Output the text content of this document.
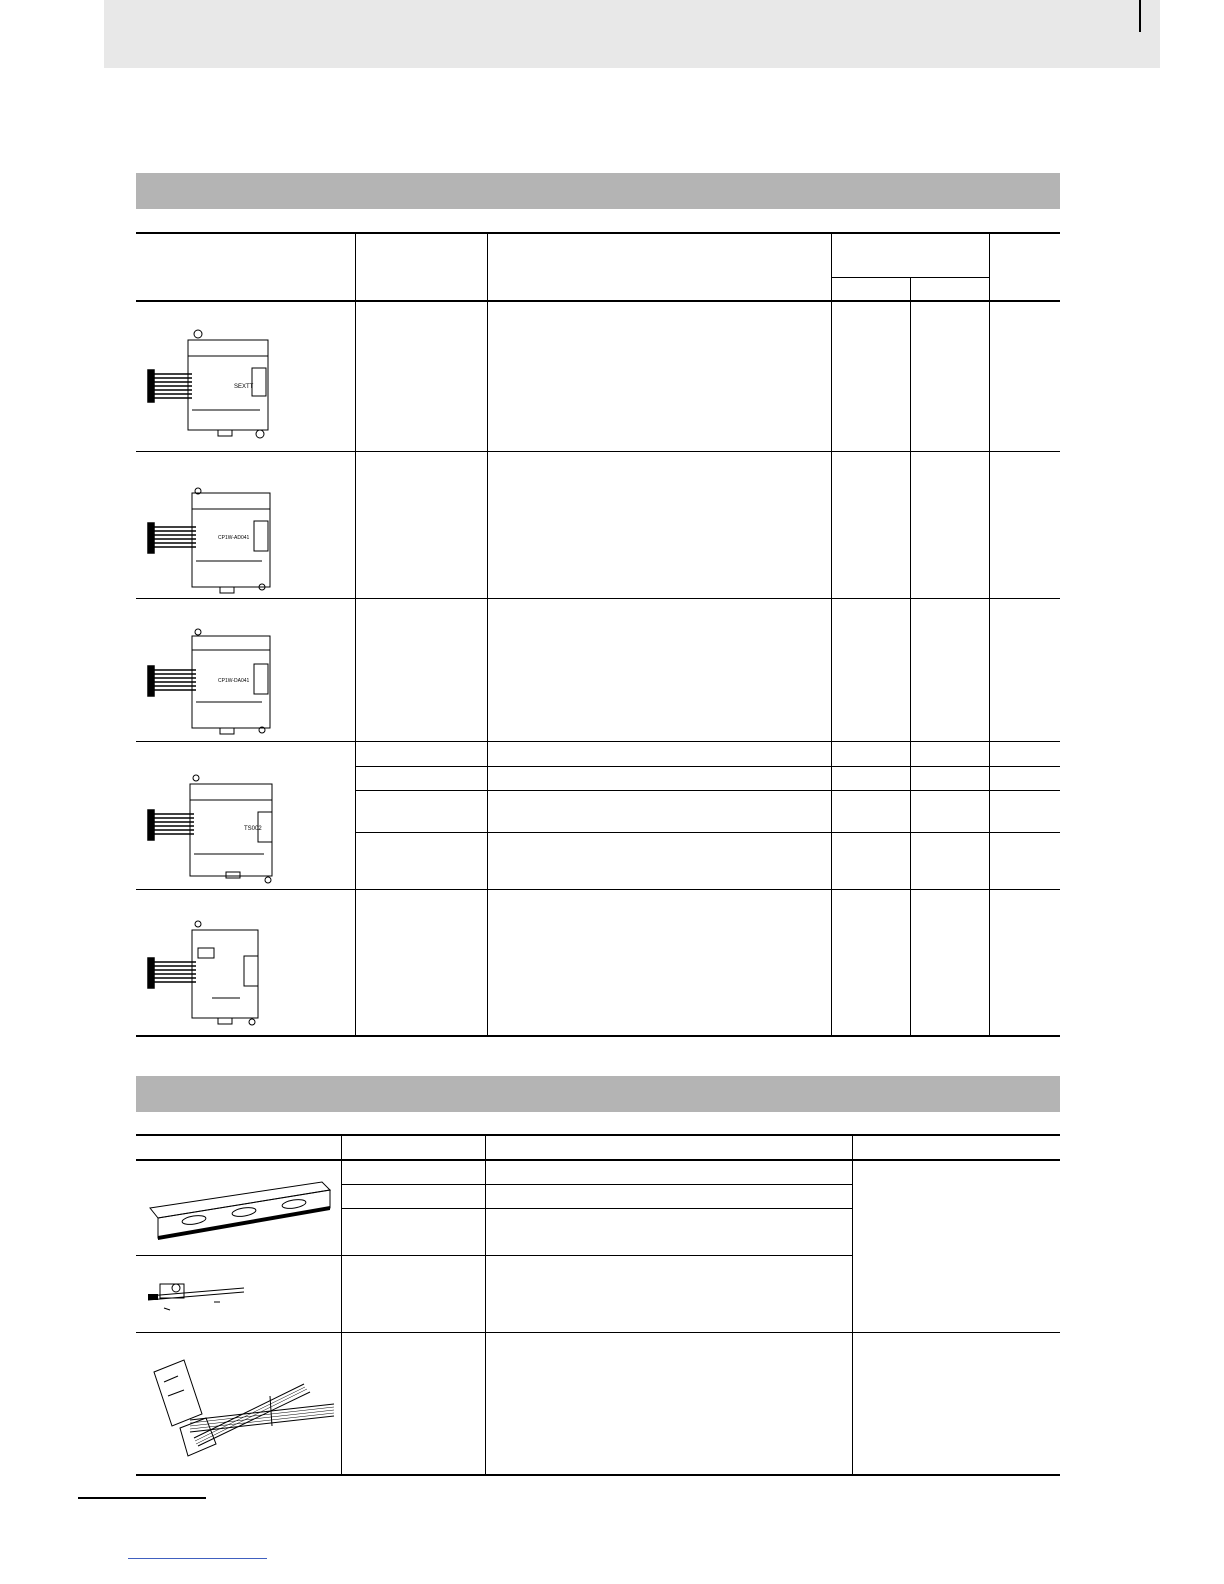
SEXTT
CP1W-AD041
CP1W-DA041
TS002
